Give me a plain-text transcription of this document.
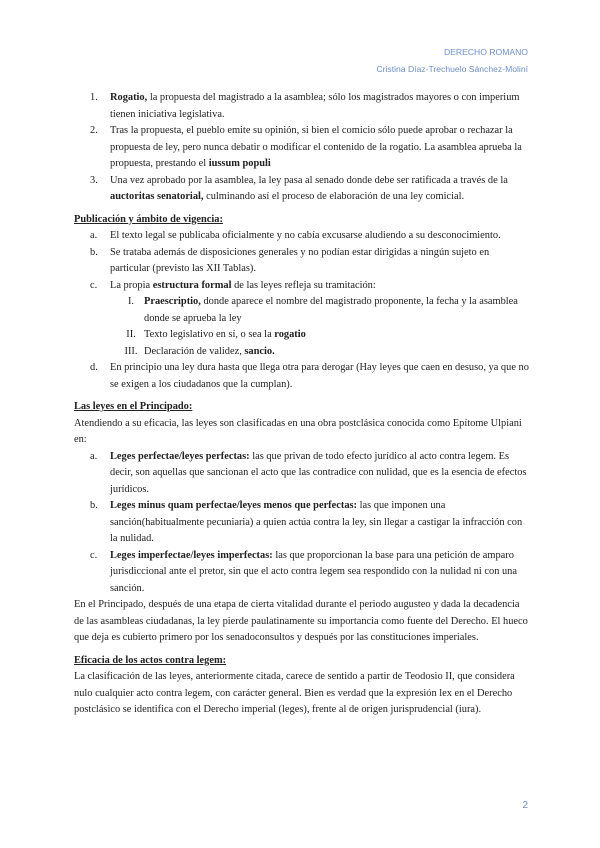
DERECHO ROMANO
Cristina Díaz-Trechuelo Sánchez-Moliní
1.	Rogatio, la propuesta del magistrado a la asamblea; sólo los magistrados mayores o con imperium tienen iniciativa legislativa.
2.	Tras la propuesta, el pueblo emite su opinión, si bien el comicio sólo puede aprobar o rechazar la propuesta de ley, pero nunca debatir o modificar el contenido de la rogatio. La asamblea aprueba la propuesta, prestando el iussum populi
3.	Una vez aprobado por la asamblea, la ley pasa al senado donde debe ser ratificada a través de la auctoritas senatorial, culminando así el proceso de elaboración de una ley comicial.
Publicación y ámbito de vigencia:
a.	El texto legal se publicaba oficialmente y no cabía excusarse aludiendo a su desconocimiento.
b.	Se trataba además de disposiciones generales y no podían estar dirigidas a ningún sujeto en particular (previsto las XII Tablas).
c.	La propia estructura formal de las leyes refleja su tramitación:
I. Praescriptio, donde aparece el nombre del magistrado proponente, la fecha y la asamblea donde se aprueba la ley
II. Texto legislativo en sí, o sea la rogatio
III. Declaración de validez, sancio.
d.	En principio una ley dura hasta que llega otra para derogar (Hay leyes que caen en desuso, ya que no se exigen a los ciudadanos que la cumplan).
Las leyes en el Principado:

Atendiendo a su eficacia, las leyes son clasificadas en una obra postclásica conocida como Epítome Ulpiani en:

a.	Leges perfectae/leyes perfectas: las que privan de todo efecto jurídico al acto contra legem. Es decir, son aquellas que sancionan el acto que las contradice con nulidad, que es la esencia de efectos jurídicos.
b.	Leges minus quam perfectae/leyes menos que perfectas: las que imponen una sanción(habitualmente pecuniaria) a quien actúa contra la ley, sin llegar a castigar la infracción con la nulidad.
c.	Leges imperfectae/leyes imperfectas: las que proporcionan la base para una petición de amparo jurisdiccional ante el pretor, sin que el acto contra legem sea respondido con la nulidad ni con una sanción.

En el Principado, después de una etapa de cierta vitalidad durante el periodo augusteo y dada la decadencia de las asambleas ciudadanas, la ley pierde paulatinamente su importancia como fuente del Derecho. El hueco que deja es cubierto primero por los senadoconsultos y después por las constituciones imperiales.

Eficacia de los actos contra legem:

La clasificación de las leyes, anteriormente citada, carece de sentido a partir de Teodosio II, que considera nulo cualquier acto contra legem, con carácter general. Bien es verdad que la expresión lex en el Derecho postclásico se identifica con el Derecho imperial (leges), frente al de origen jurisprudencial (iura).

2
